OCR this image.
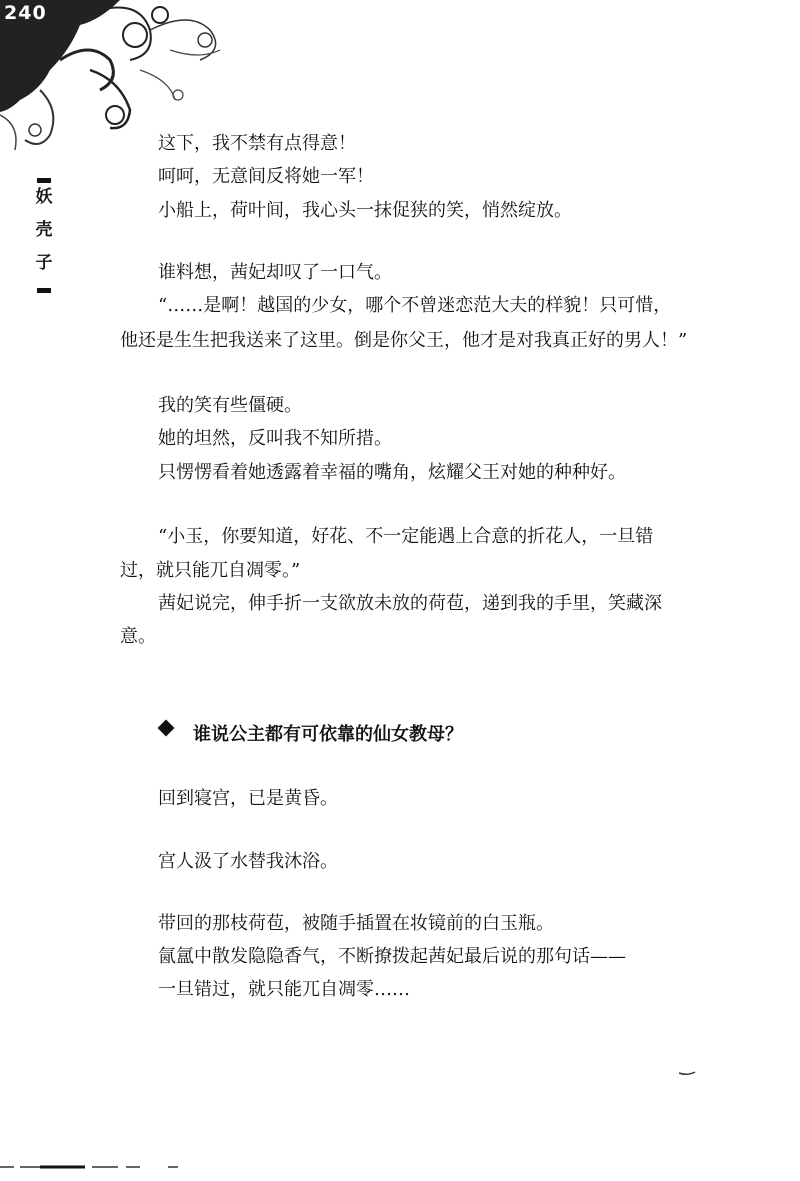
240
妖
壳
子
这下，我不禁有点得意！
呵呵，无意间反将她一军！
小船上，荷叶间，我心头一抹促狭的笑，悄然绽放。
谁料想，茜妃却叹了一口气。
“……是啊！越国的少女，哪个不曾迷恋范大夫的样貌！只可惜，
他还是生生把我送来了这里。倒是你父王，他才是对我真正好的男人！”
我的笑有些僵硬。
她的坦然，反叫我不知所措。
只愣愣看着她透露着幸福的嘴角，炫耀父王对她的种种好。
“小玉，你要知道，好花、不一定能遇上合意的折花人，一旦错
过，就只能兀自凋零。”
茜妃说完，伸手折一支欲放未放的荷苞，递到我的手里，笑藏深
意。
谁说公主都有可依靠的仙女教母？
回到寝宫，已是黄昏。
宫人汲了水替我沐浴。
带回的那枝荷苞，被随手插置在妆镜前的白玉瓶。
氤氲中散发隐隐香气，不断撩拨起茜妃最后说的那句话——
一旦错过，就只能兀自凋零……
